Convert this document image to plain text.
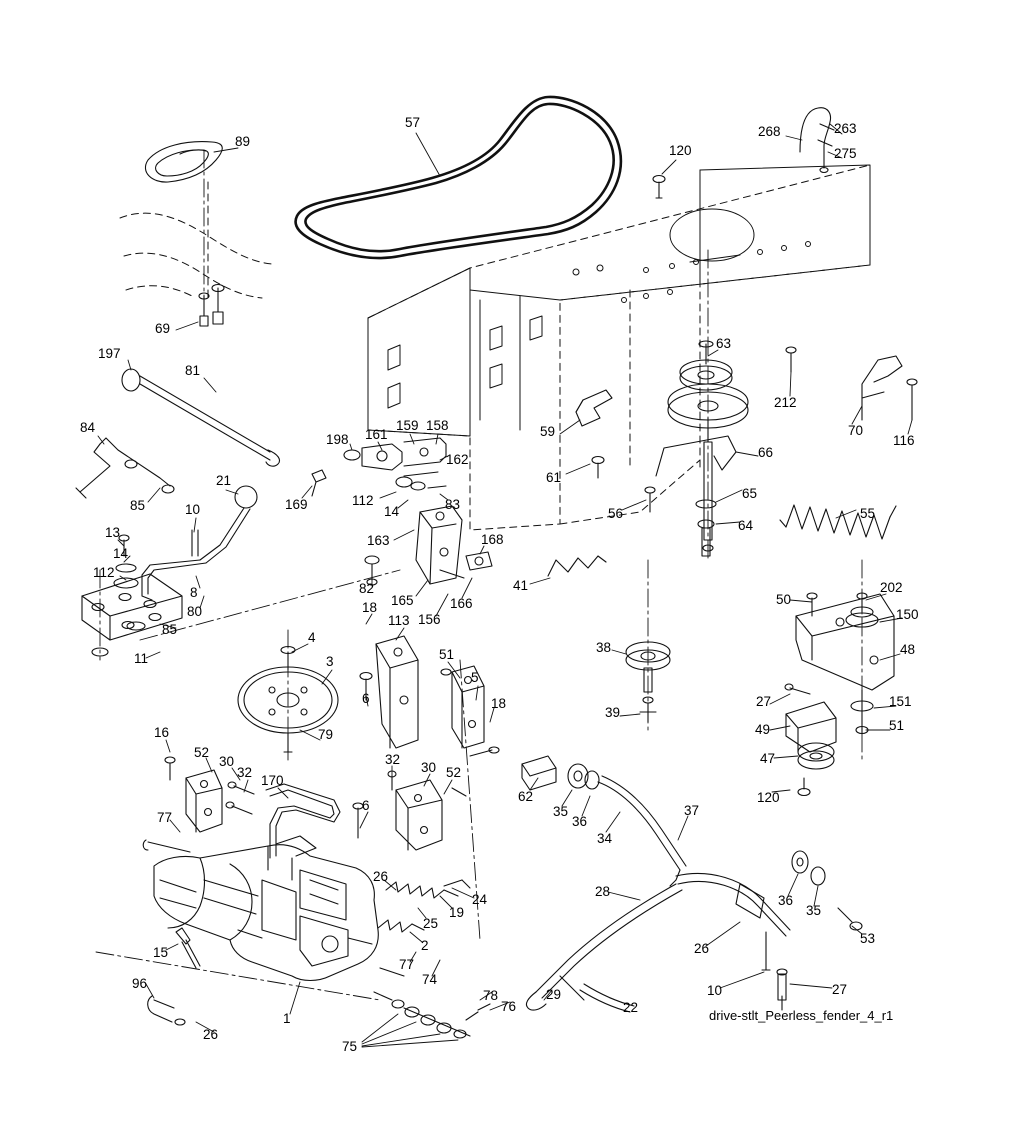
89
57
120
268	263
275
69
197
81
63
212
70
116
84
198 161
159 158
162
59
66
61
85
21
10	169	112
14	83
65
55
56
64
13
163	168
14
112
82	41
50
202
8
80
165	166
156	150
85
18
113
4
38	48
51
5
11	3
18	27	151
6
39
49	51
79
47
16
52
30	32
30 52
32
170
120
62
35
36
34
37
77
6
26
24
19
25
28
36
35
53
2
15	26
77
74
96	10	27
78
76
29
22
1
26
75
drive-stlt_Peerless_fender_4_r1
